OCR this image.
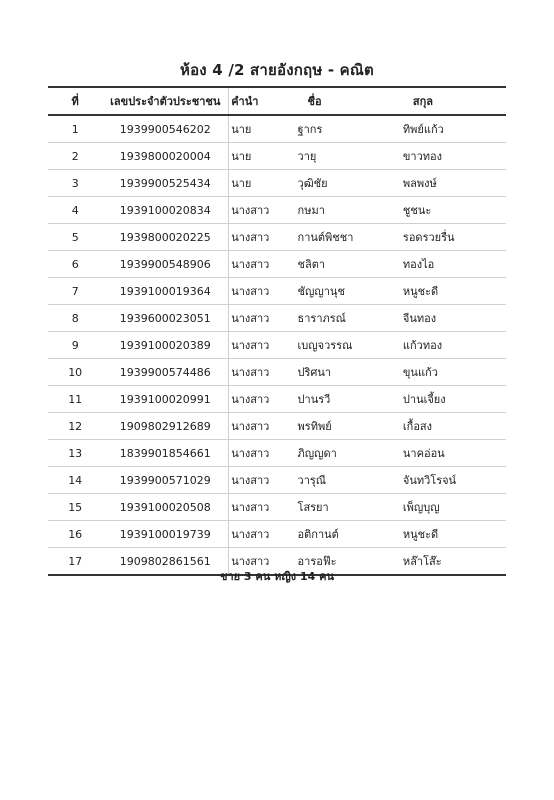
ห้อง 4 /2 สายอังกฤษ - คณิต
ที่	เลขประจำตัวประชาชน	คำนำ	ชื่อ	สกุล
1	1939900546202	นาย	ฐากร	ทิพย์แก้ว
2	1939800020004	นาย	วายุ	ขาวทอง
3	1939900525434	นาย	วุฒิชัย	พลพงษ์
4	1939100020834	นางสาว	กษมา	ชูชนะ
5	1939800020225	นางสาว	กานต์พิชชา	รอดรวยรื่น
6	1939900548906	นางสาว	ชลิตา	ทองไอ
7	1939100019364	นางสาว	ชัญญานุช	หนูชะดี
8	1939600023051	นางสาว	ธาราภรณ์	จีนทอง
9	1939100020389	นางสาว	เบญจวรรณ	แก้วทอง
10	1939900574486	นางสาว	ปริศนา	ขุนแก้ว
11	1939100020991	นางสาว	ปานรวี	ปานเจี้ยง
12	1909802912689	นางสาว	พรทิพย์	เกื้อสง
13	1839901854661	นางสาว	ภิญญดา	นาคอ่อน
14	1939900571029	นางสาว	วารุณี	จันทวิโรจน์
15	1939100020508	นางสาว	โสรยา	เพ็ญบุญ
16	1939100019739	นางสาว	อติกานต์	หนูชะดี
17	1909802861561	นางสาว	อารอฟ๊ะ	หล๊าโส๊ะ
ชาย 3 คน หญิง 14 คน
